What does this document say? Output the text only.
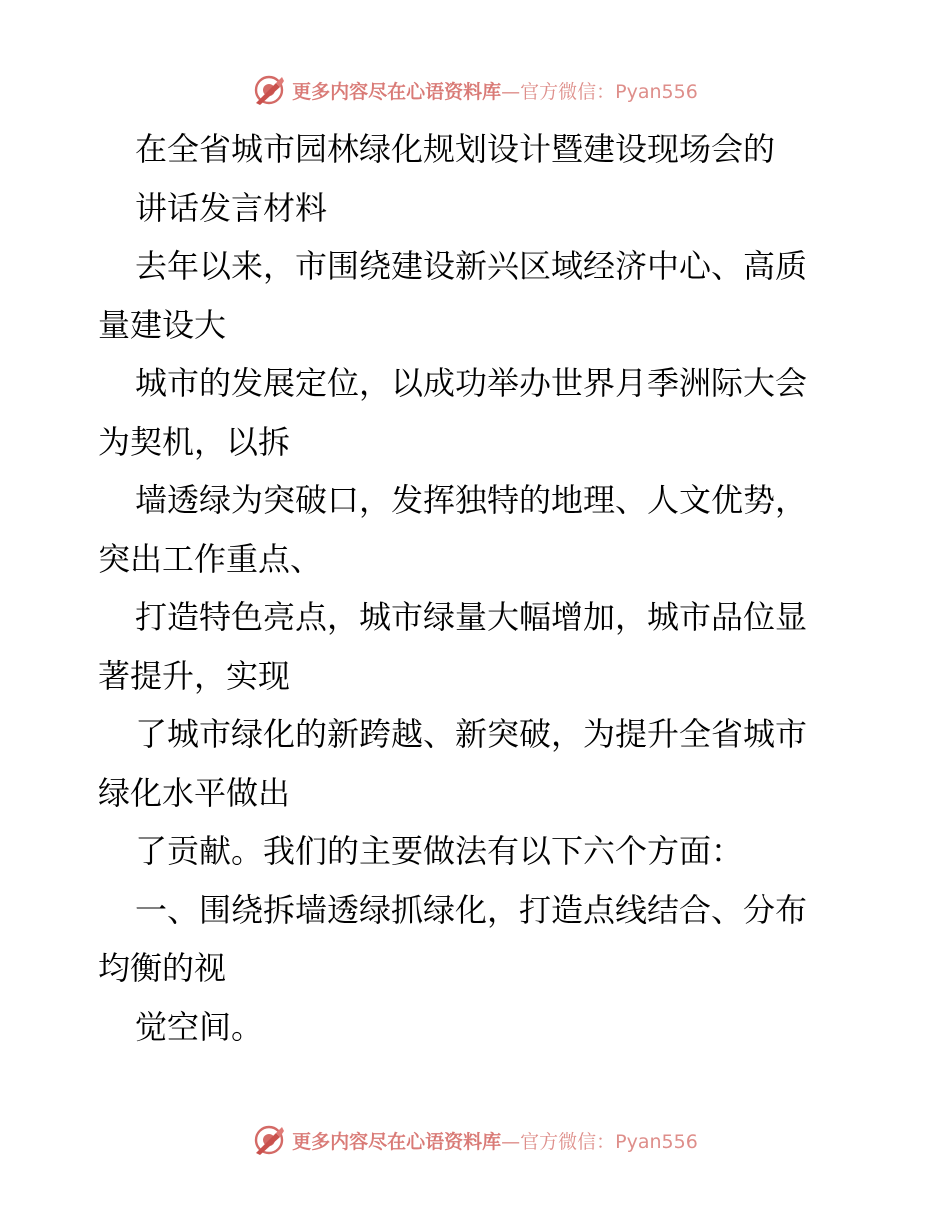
更多内容尽在心语资料库—官方微信：Pyan556
在全省城市园林绿化规划设计暨建设现场会的
讲话发言材料
去年以来，市围绕建设新兴区域经济中心、高质
量建设大
城市的发展定位，以成功举办世界月季洲际大会
为契机，以拆
墙透绿为突破口，发挥独特的地理、人文优势，
突出工作重点、
打造特色亮点，城市绿量大幅增加，城市品位显
著提升，实现
了城市绿化的新跨越、新突破，为提升全省城市
绿化水平做出
了贡献。我们的主要做法有以下六个方面：
一、围绕拆墙透绿抓绿化，打造点线结合、分布
均衡的视
觉空间。
更多内容尽在心语资料库—官方微信：Pyan556
